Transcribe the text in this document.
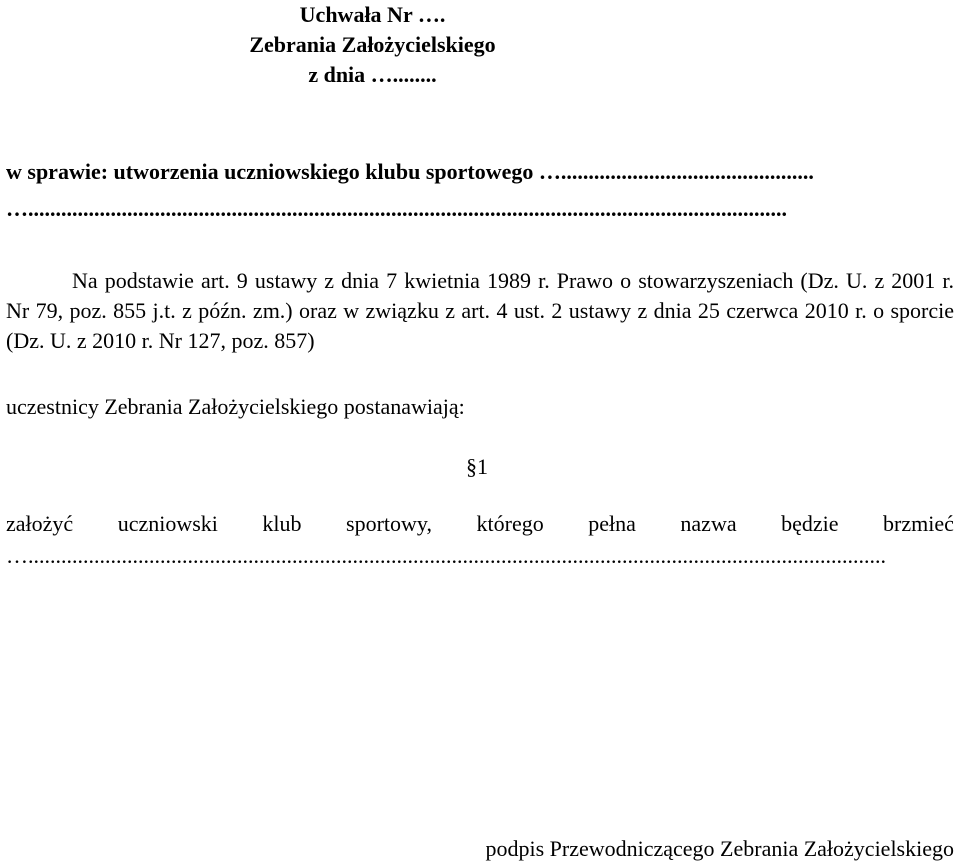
Uchwała Nr ….
Zebrania Założycielskiego
z dnia …........
w sprawie: utworzenia uczniowskiego klubu sportowego …..............................................
…..........................................................................................................................................
Na podstawie art. 9 ustawy z dnia 7 kwietnia 1989 r. Prawo o stowarzyszeniach (Dz. U. z 2001 r. Nr 79, poz. 855 j.t. z późn. zm.) oraz w związku z art. 4 ust. 2 ustawy z dnia 25 czerwca 2010 r. o sporcie (Dz. U. z 2010 r. Nr 127, poz. 857)
uczestnicy Zebrania Założycielskiego postanawiają:
§1
założyć uczniowski klub sportowy, którego pełna nazwa będzie brzmieć
…............................................................................................................................................................
podpis Przewodniczącego Zebrania Założycielskiego
